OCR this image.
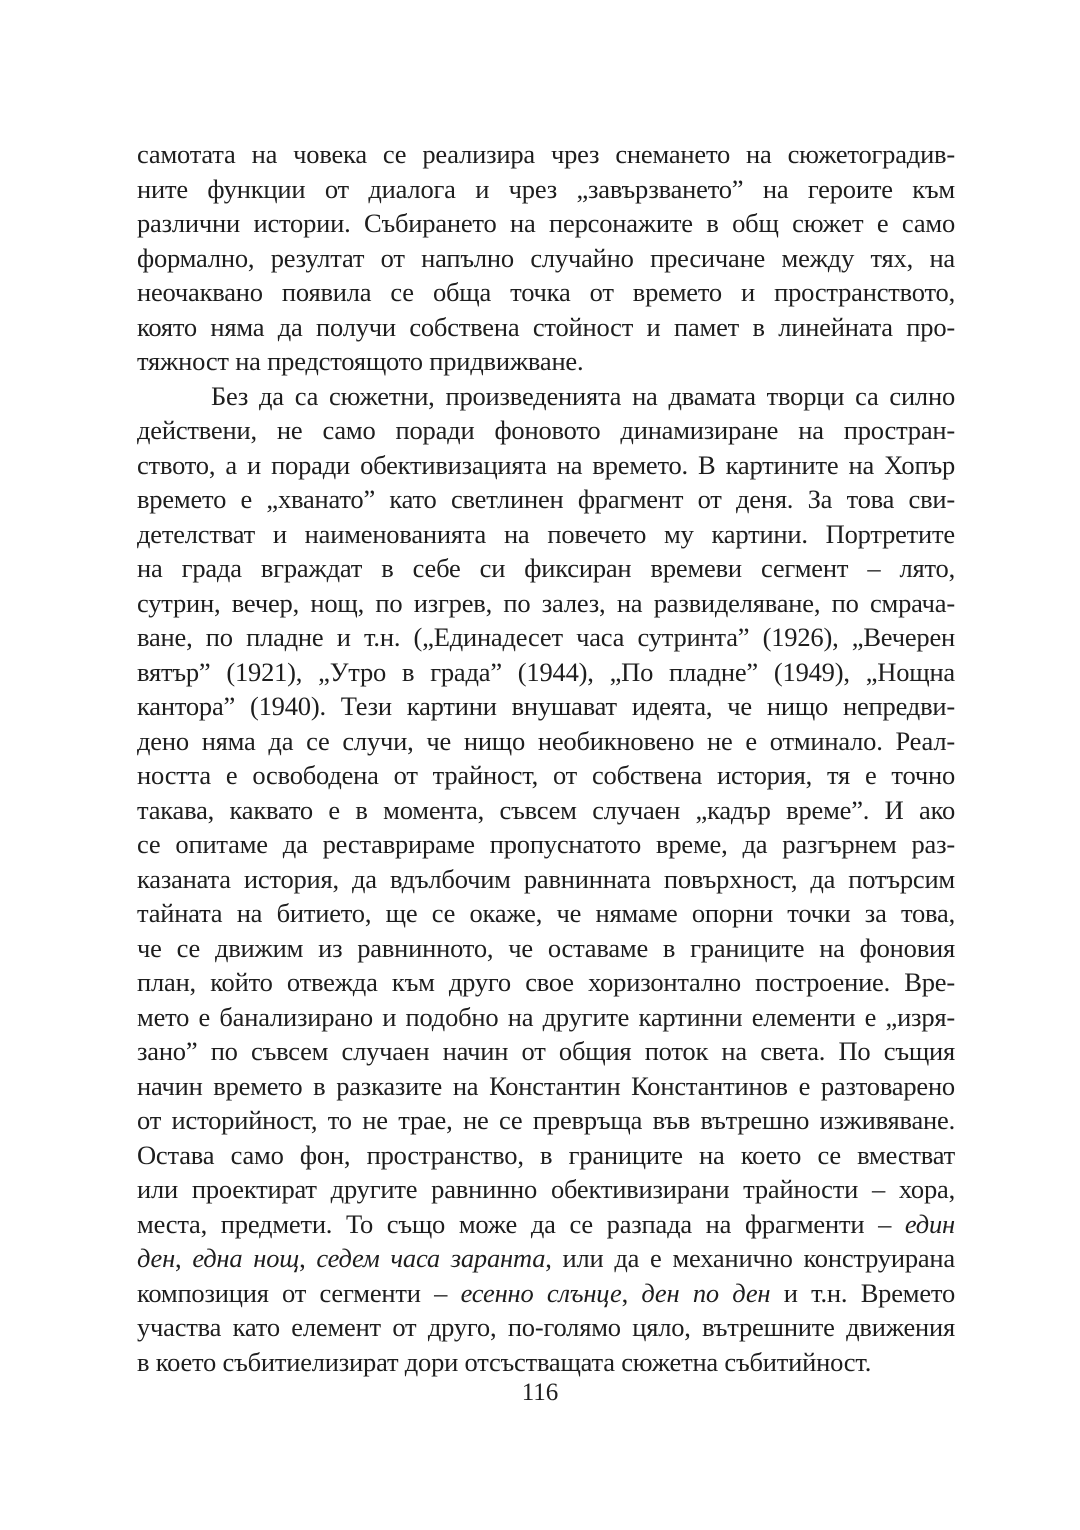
самотата на човека се реализира чрез снемането на сюжетоградив-
ните функции от диалога и чрез „завързването” на героите към
различни истории. Събирането на персонажите в общ сюжет е само
формално, резултат от напълно случайно пресичане между тях, на
неочаквано появила се обща точка от времето и пространството,
която няма да получи собствена стойност и памет в линейната про-
тяжност на предстоящото придвижване.
Без да са сюжетни, произведенията на двамата творци са силно
действени, не само поради фоновото динамизиране на простран-
ството, а и поради обективизацията на времето. В картините на Хопър
времето е „хванато” като светлинен фрагмент от деня. За това сви-
детелстват и наименованията на повечето му картини. Портретите
на града вграждат в себе си фиксиран времеви сегмент – лято,
сутрин, вечер, нощ, по изгрев, по залез, на развиделяване, по смрача-
ване, по пладне и т.н. („Единадесет часа сутринта” (1926), „Вечерен
вятър” (1921), „Утро в града” (1944), „По пладне” (1949), „Нощна
кантора” (1940). Тези картини внушават идеята, че нищо непредви-
дено няма да се случи, че нищо необикновено не е отминало. Реал-
ността е освободена от трайност, от собствена история, тя е точно
такава, каквато е в момента, съвсем случаен „кадър време”. И ако
се опитаме да реставрираме пропуснатото време, да разгърнем раз-
казаната история, да вдълбочим равнинната повърхност, да потърсим
тайната на битието, ще се окаже, че нямаме опорни точки за това,
че се движим из равнинното, че оставаме в границите на фоновия
план, който отвежда към друго свое хоризонтално построение. Вре-
мето е банализирано и подобно на другите картинни елементи е „изря-
зано” по съвсем случаен начин от общия поток на света. По същия
начин времето в разказите на Константин Константинов е разтоварено
от историйност, то не трае, не се превръща във вътрешно изживяване.
Остава само фон, пространство, в границите на което се вместват
или проектират другите равнинно обективизирани трайности – хора,
места, предмети. То също може да се разпада на фрагменти – един
ден, една нощ, седем часа заранта, или да е механично конструирана
композиция от сегменти – есенно слънце, ден по ден и т.н. Времето
участва като елемент от друго, по-голямо цяло, вътрешните движения
в което събитиелизират дори отсъстващата сюжетна събитийност.
116
